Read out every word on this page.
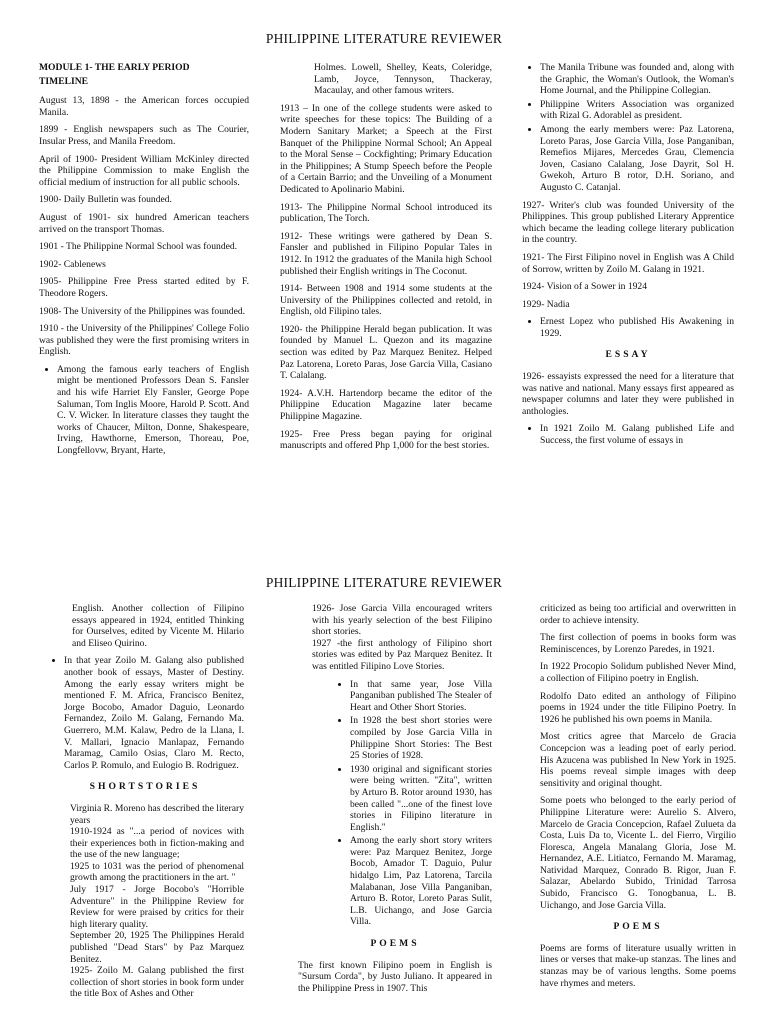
PHILIPPINE LITERATURE REVIEWER

MODULE 1- THE EARLY PERIOD

TIMELINE

August 13, 1898 - the American forces occupied Manila.

1899 - English newspapers such as The Courier, Insular Press, and Manila Freedom.

April of 1900- President William McKinley directed the Philippine Commission to make English the official medium of instruction for all public schools.

1900- Daily Bulletin was founded.

August of 1901- six hundred American teachers arrived on the transport Thomas.

1901 - The Philippine Normal School was founded.

1902- Cablenews

1905- Philippine Free Press started edited by F. Theodore Rogers.

1908- The University of the Philippines was founded.

1910 - the University of the Philippines' College Folio was published they were the first promising writers in English.

• Among the famous early teachers of English might be mentioned Professors Dean S. Fansler and his wife Harriet Ely Fansler, George Pope Saluman, Tom Inglis Moore, Harold P. Scott. And C. V. Wicker. In literature classes they taught the works of Chaucer, Milton, Donne, Shakespeare, Irving, Hawthorne, Emerson, Thoreau, Poe, Longfellovw, Bryant, Harte,

Holmes. Lowell, Shelley, Keats, Coleridge, Lamb, Joyce, Tennyson, Thackeray, Macaulay, and other famous writers.

1913 – In one of the college students were asked to write speeches for these topics: The Building of a Modern Sanitary Market; a Speech at the First Banquet of the Philippine Normal School; An Appeal to the Moral Sense – Cockfighting; Primary Education in the Philippines; A Stump Speech before the People of a Certain Barrio; and the Unveiling of a Monument Dedicated to Apolinario Mabini.

1913- The Philippine Normal School introduced its publication, The Torch.

1912- These writings were gathered by Dean S. Fansler and published in Filipino Popular Tales in 1912. In 1912 the graduates of the Manila high School published their English writings in The Coconut.

1914- Between 1908 and 1914 some students at the University of the Philippines collected and retold, in English, old Filipino tales.

1920- the Philippine Herald began publication. It was founded by Manuel L. Quezon and its magazine section was edited by Paz Marquez Benitez. Helped Paz Latorena, Loreto Paras, Jose Garcia Villa, Casiano T. Calalang.

1924- A.V.H. Hartendorp became the editor of the Philippine Education Magazine later became Philippine Magazine.

1925- Free Press began paying for original manuscripts and offered Php 1,000 for the best stories.

• The Manila Tribune was founded and, along with the Graphic, the Woman's Outlook, the Woman's Home Journal, and the Philippine Collegian.
• Philippine Writers Association was organized with Rizal G. Adorablel as president.
• Among the early members were: Paz Latorena, Loreto Paras, Jose Garcia Villa, Jose Panganiban, Remefios Mijares, Mercedes Grau, Clemencia Joven, Casiano Calalang, Jose Dayrit, Sol H. Gwekoh, Arturo B rotor, D.H. Soriano, and Augusto C. Catanjal.

1927- Writer's club was founded University of the Philippines. This group published Literary Apprentice which became the leading college literary publication in the country.

1921- The First Filipino novel in English was A Child of Sorrow, written by Zoilo M. Galang in 1921.

1924- Vision of a Sower in 1924

1929- Nadia

• Ernest Lopez who published His Awakening in 1929.

ESSAY

1926- essayists expressed the need for a literature that was native and national. Many essays first appeared as newspaper columns and later they were published in anthologies.

• In 1921 Zoilo M. Galang published Life and Success, the first volume of essays in
PHILIPPINE LITERATURE REVIEWER

English. Another collection of Filipino essays appeared in 1924, entitled Thinking for Ourselves, edited by Vicente M. Hilario and Eliseo Quirino.

• In that year Zoilo M. Galang also published another book of essays, Master of Destiny. Among the early essay writers might be mentioned F. M. Africa, Francisco Benitez, Jorge Bocobo, Amador Daguio, Leonardo Fernandez, Zoilo M. Galang, Fernando Ma. Guerrero, M.M. Kalaw, Pedro de la Llana, I. V. Mallari, Ignacio Manlapaz, Fernando Maramag, Camilo Osias, Claro M. Recto, Carlos P. Romulo, and Eulogio B. Rodriguez.

SHORTSTORIES

Virginia R. Moreno has described the literary years

1910-1924 as "...a period of novices with their experiences both in fiction-making and the use of the new language;

1925 to 1031 was the period of phenomenal growth among the practitioners in the art. "

July 1917 - Jorge Bocobo's "Horrible Adventure" in the Philippine Review for Review for were praised by critics for their high literary quality.

September 20, 1925 The Philippines Herald published "Dead Stars" by Paz Marquez Benitez.

1925- Zoilo M. Galang published the first collection of short stories in book form under the title Box of Ashes and Other

1926- Jose Garcia Villa encouraged writers with his yearly selection of the best Filipino short stories.

1927 -the first anthology of Filipino short stories was edited by Paz Marquez Benitez. It was entitled Filipino Love Stories.

• In that same year, Jose Villa Panganiban published The Stealer of Heart and Other Short Stories.
• In 1928 the best short stories were compiled by Jose Garcia Villa in Philippine Short Stories: The Best 25 Stories of 1928.
• 1930 original and significant stories were being written. "Zita", written by Arturo B. Rotor around 1930, has been called "...one of the finest love stories in Filipino literature in English."
• Among the early short story writers were: Paz Marquez Benitez, Jorge Bocob, Amador T. Daguio, Pulur hidalgo Lim, Paz Latorena, Tarcila Malabanan, Jose Villa Panganiban, Arturo B. Rotor, Loreto Paras Sulit, L.B. Uichango, and Jose Garcia Villa.

POEMS

The first known Filipino poem in English is "Sursum Corda", by Justo Juliano. It appeared in the Philippine Press in 1907. This

criticized as being too artificial and overwritten in order to achieve intensity.

The first collection of poems in books form was Reminiscences, by Lorenzo Paredes, in 1921.

In 1922 Procopio Solidum published Never Mind, a collection of Filipino poetry in English.

Rodolfo Dato edited an anthology of Filipino poems in 1924 under the title Filipino Poetry. In 1926 he published his own poems in Manila.

Most critics agree that Marcelo de Gracia Concepcion was a leading poet of early period. His Azucena was published In New York in 1925. His poems reveal simple images with deep sensitivity and original thought.

Some poets who belonged to the early period of Philippine Literature were: Aurelio S. Alvero, Marcelo de Gracia Concepcion, Rafael Zulueta da Costa, Luis Da to, Vicente L. del Fierro, Virgilio Floresca, Angela Manalang Gloria, Jose M. Hernandez, A.E. Litiatco, Fernando M. Maramag, Natividad Marquez, Conrado B. Rigor, Juan F. Salazar, Abelardo Subido, Trinidad Tarrosa Subido, Francisco G. Tonogbanua, L. B. Uichango, and Jose Garcia Villa.

POEMS

Poems are forms of literature usually written in lines or verses that make-up stanzas. The lines and stanzas may be of various lengths. Some poems have rhymes and meters.
